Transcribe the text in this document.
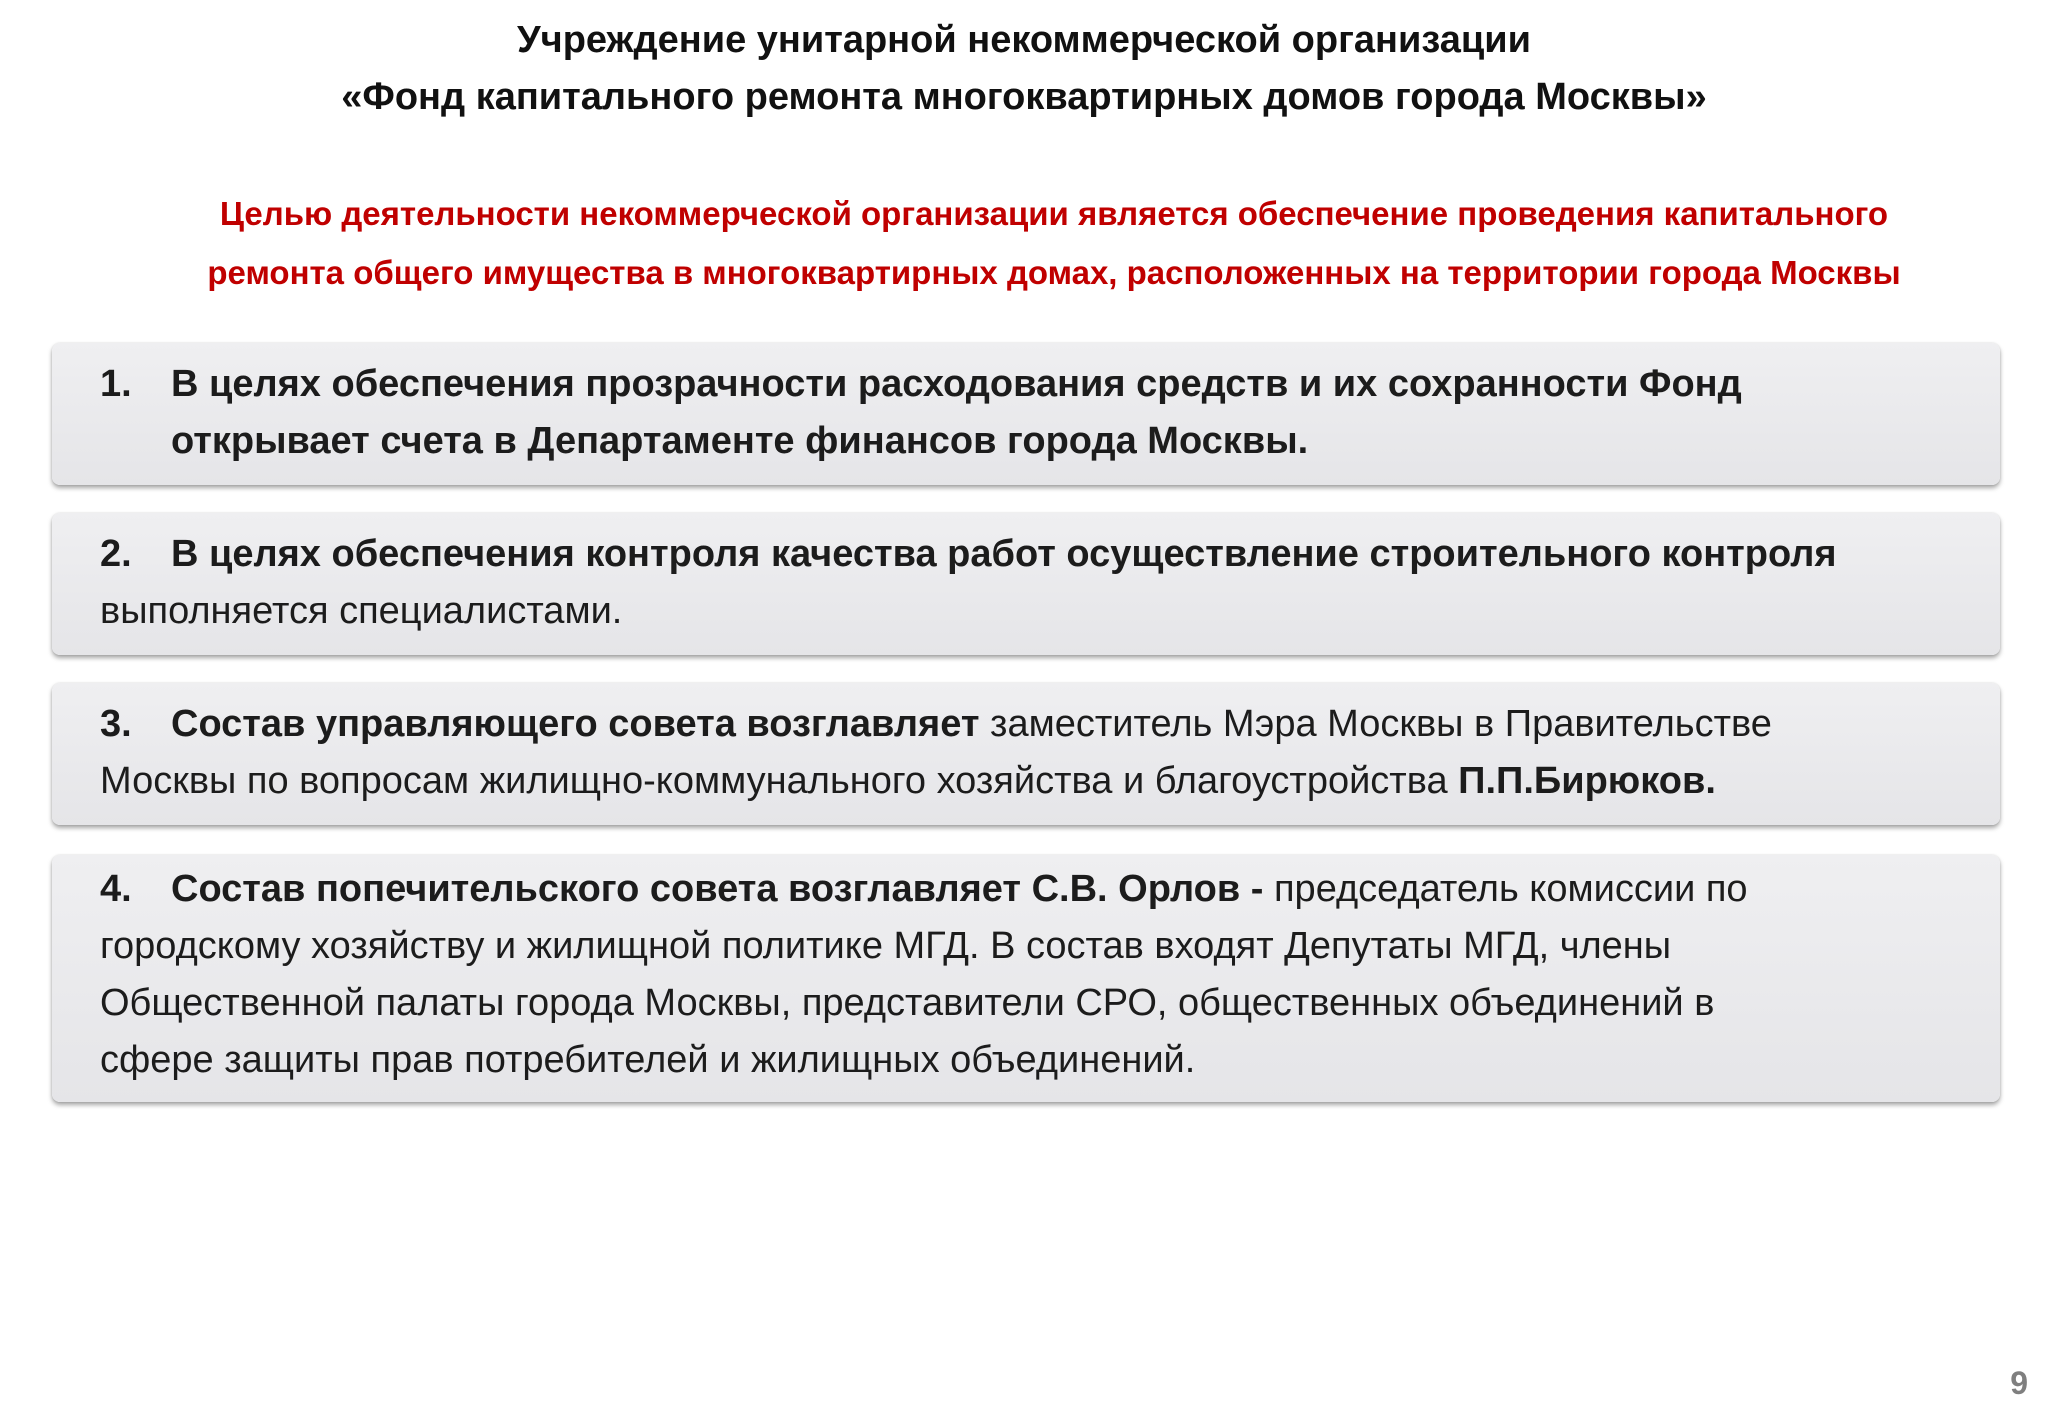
Учреждение унитарной некоммерческой организации
«Фонд капитального ремонта многоквартирных домов города Москвы»
Целью деятельности некоммерческой организации является обеспечение проведения капитального
ремонта общего имущества в многоквартирных домах, расположенных на территории города Москвы
1.	В целях обеспечения прозрачности расходования средств и их сохранности Фонд
открывает счета в Департаменте финансов города Москвы.
2.	В целях обеспечения контроля качества работ осуществление строительного контроля
выполняется специалистами.
3.	Состав управляющего совета возглавляет заместитель Мэра Москвы в Правительстве
Москвы по вопросам жилищно-коммунального хозяйства и благоустройства П.П.Бирюков.
4.	Состав попечительского совета возглавляет С.В. Орлов - председатель комиссии по
городскому хозяйству и жилищной политике МГД. В состав входят Депутаты МГД, члены
Общественной палаты города Москвы, представители СРО, общественных объединений в
сфере защиты прав потребителей и жилищных объединений.
9
